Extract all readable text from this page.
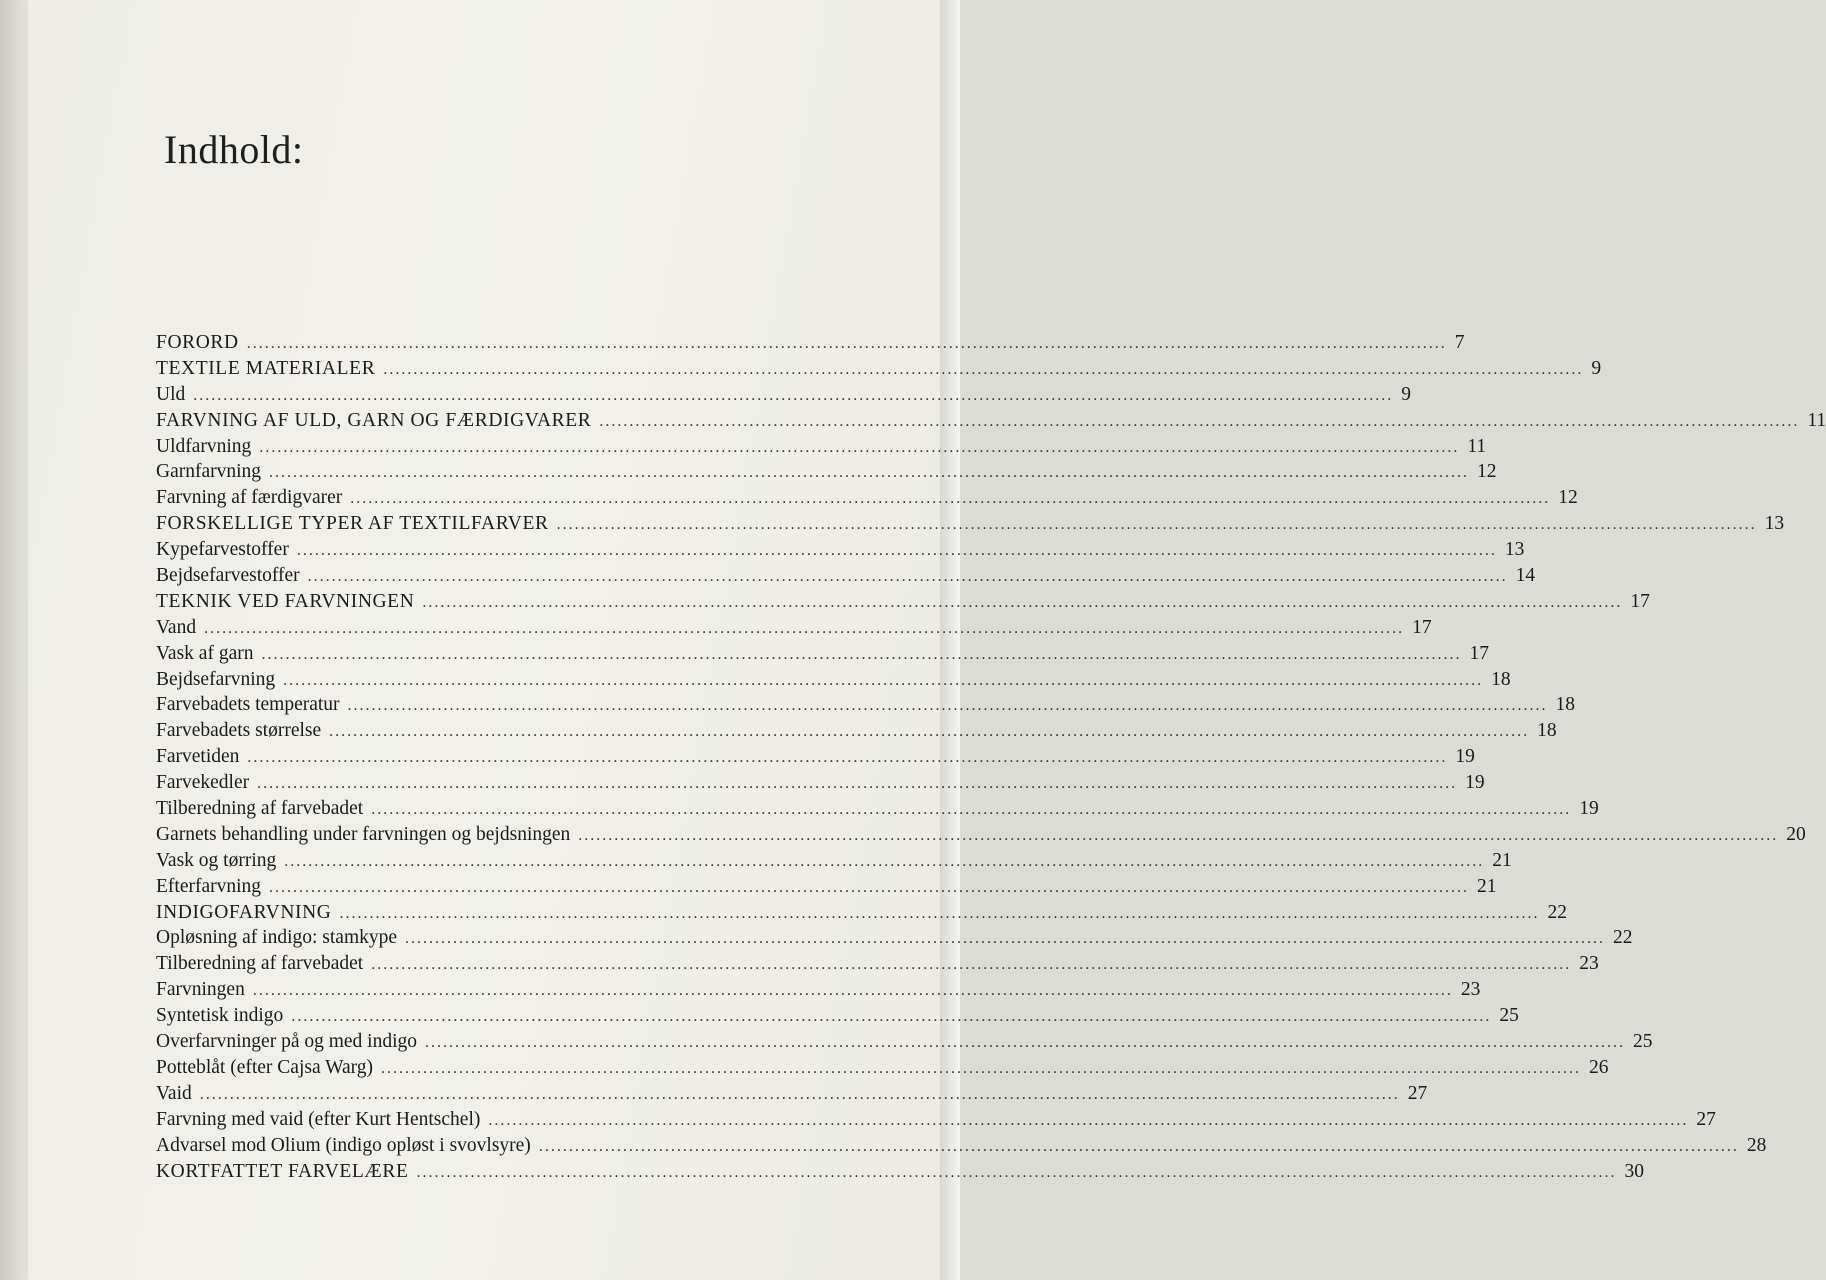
Indhold:
FORORD ........................................................................................................................................................................................................ 7
TEXTILE MATERIALER ........................................................................................................................................................................................................ 9
Uld ........................................................................................................................................................................................................ 9
FARVNING AF ULD, GARN OG FÆRDIGVARER ........................................................................................................................................................................................................ 11
Uldfarvning ........................................................................................................................................................................................................ 11
Garnfarvning ........................................................................................................................................................................................................ 12
Farvning af færdigvarer ........................................................................................................................................................................................................ 12
FORSKELLIGE TYPER AF TEXTILFARVER ........................................................................................................................................................................................................ 13
Kypefarvestoffer ........................................................................................................................................................................................................ 13
Bejdsefarvestoffer ........................................................................................................................................................................................................ 14
TEKNIK VED FARVNINGEN ........................................................................................................................................................................................................ 17
Vand ........................................................................................................................................................................................................ 17
Vask af garn ........................................................................................................................................................................................................ 17
Bejdsefarvning ........................................................................................................................................................................................................ 18
Farvebadets temperatur ........................................................................................................................................................................................................ 18
Farvebadets størrelse ........................................................................................................................................................................................................ 18
Farvetiden ........................................................................................................................................................................................................ 19
Farvekedler ........................................................................................................................................................................................................ 19
Tilberedning af farvebadet ........................................................................................................................................................................................................ 19
Garnets behandling under farvningen og bejdsningen ........................................................................................................................................................................................................ 20
Vask og tørring ........................................................................................................................................................................................................ 21
Efterfarvning ........................................................................................................................................................................................................ 21
INDIGOFARVNING ........................................................................................................................................................................................................ 22
Opløsning af indigo: stamkype ........................................................................................................................................................................................................ 22
Tilberedning af farvebadet ........................................................................................................................................................................................................ 23
Farvningen ........................................................................................................................................................................................................ 23
Syntetisk indigo ........................................................................................................................................................................................................ 25
Overfarvninger på og med indigo ........................................................................................................................................................................................................ 25
Potteblåt (efter Cajsa Warg) ........................................................................................................................................................................................................ 26
Vaid ........................................................................................................................................................................................................ 27
Farvning med vaid (efter Kurt Hentschel) ........................................................................................................................................................................................................ 27
Advarsel mod Olium (indigo opløst i svovlsyre) ........................................................................................................................................................................................................ 28
KORTFATTET FARVELÆRE ........................................................................................................................................................................................................ 30
